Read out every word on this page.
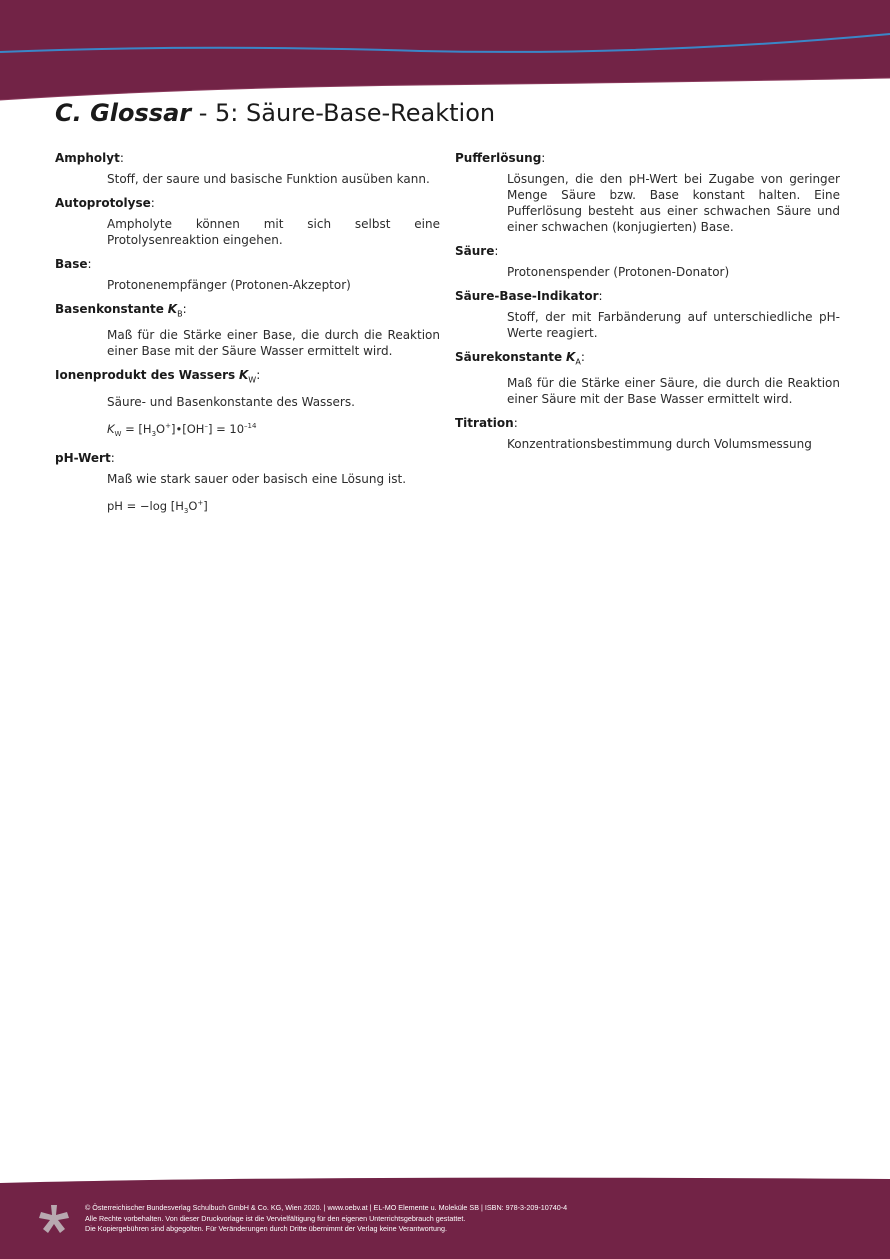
C. Glossar - 5: Säure-Base-Reaktion
Ampholyt:
Stoff, der saure und basische Funktion ausüben kann.
Autoprotolyse:
Ampholyte können mit sich selbst eine Protolysenreaktion eingehen.
Base:
Protonenempfänger (Protonen-Akzeptor)
Basenkonstante $K_B$:
Maß für die Stärke einer Base, die durch die Reaktion einer Base mit der Säure Wasser ermittelt wird.
Ionenprodukt des Wassers $K_W$:
Säure- und Basenkonstante des Wassers.
$K_W$ = $[H_3O^+]•[OH^-] = 10^{-14}$
pH-Wert:
Maß wie stark sauer oder basisch eine Lösung ist.
pH = −log $[H_3O^+]$
Pufferlösung:
Lösungen, die den pH-Wert bei Zugabe von geringer Menge Säure bzw. Base konstant halten. Eine Pufferlösung besteht aus einer schwachen Säure und einer schwachen (konjugierten) Base.
Säure:
Protonenspender (Protonen-Donator)
Säure-Base-Indikator:
Stoff, der mit Farbänderung auf unterschiedliche pH-Werte reagiert.
Säurekonstante $K_A$:
Maß für die Stärke einer Säure, die durch die Reaktion einer Säure mit der Base Wasser ermittelt wird.
Titration:
Konzentrationsbestimmung durch Volumsmessung
© Österreichischer Bundesverlag Schulbuch GmbH & Co. KG, Wien 2020. | www.oebv.at | EL-MO Elemente u. Moleküle SB | ISBN: 978-3-209-10740-4
Alle Rechte vorbehalten. Von dieser Druckvorlage ist die Vervielfältigung für den eigenen Unterrichtsgebrauch gestattet.
Die Kopiergebühren sind abgegolten. Für Veränderungen durch Dritte übernimmt der Verlag keine Verantwortung.
